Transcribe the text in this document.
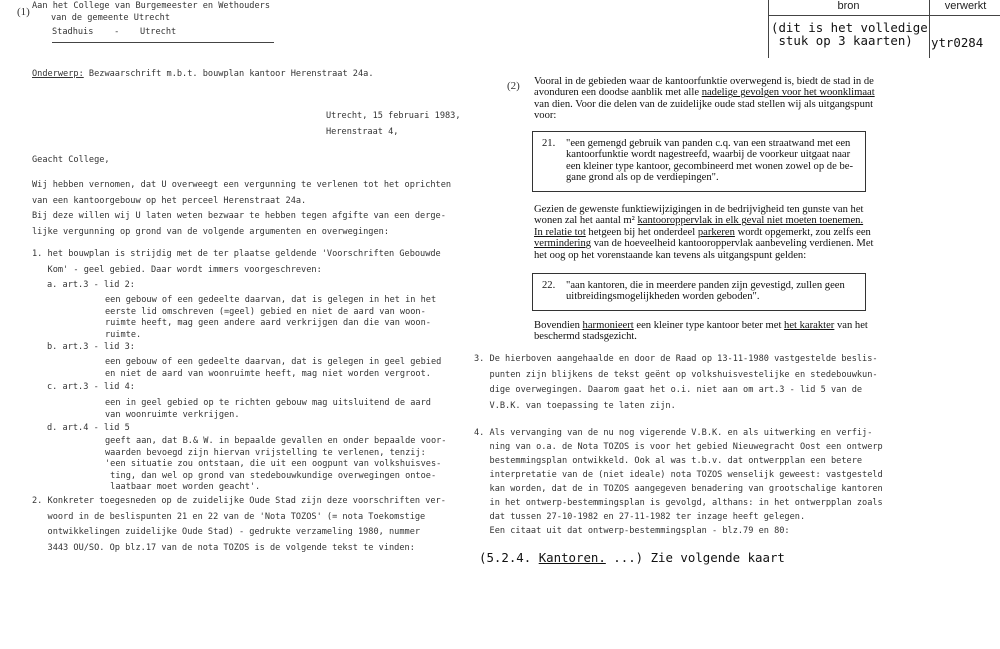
bron	verwerkt
(dit is het volledige
stuk op 3 kaarten)	ytr0284
(1) Aan het College van Burgemeester en Wethouders
van de gemeente Utrecht
Stadhuis    -    Utrecht
Onderwerp: Bezwaarschrift m.b.t. bouwplan kantoor Herenstraat 24a.
Utrecht, 15 februari 1983,
Herenstraat 4,
Geacht College,
Wij hebben vernomen, dat U overweegt een vergunning te verlenen tot het oprichten
van een kantoorgebouw op het perceel Herenstraat 24a.
Bij deze willen wij U laten weten bezwaar te hebben tegen afgifte van een derge-
lijke vergunning op grond van de volgende argumenten en overwegingen:
1. het bouwplan is strijdig met de ter plaatse geldende 'Voorschriften Gebouwde
Kom' - geel gebied. Daar wordt immers voorgeschreven:
a. art.3 - lid 2:
een gebouw of een gedeelte daarvan, dat is gelegen in het in het
eerste lid omschreven (=geel) gebied en niet de aard van woon-
ruimte heeft, mag geen andere aard verkrijgen dan die van woon-
ruimte.
b. art.3 - lid 3:
een gebouw of een gedeelte daarvan, dat is gelegen in geel gebied
en niet de aard van woonruimte heeft, mag niet worden vergroot.
c. art.3 - lid 4:
een in geel gebied op te richten gebouw mag uitsluitend de aard
van woonruimte verkrijgen.
d. art.4 - lid 5
geeft aan, dat B.& W. in bepaalde gevallen en onder bepaalde voor-
waarden bevoegd zijn hiervan vrijstelling te verlenen, tenzij:
'een situatie zou ontstaan, die uit een oogpunt van volkshuisves-
ting, dan wel op grond van stedebouwkundige overwegingen ontoe-
laatbaar moet worden geacht'.
2. Konkreter toegesneden op de zuidelijke Oude Stad zijn deze voorschriften ver-
woord in de beslispunten 21 en 22 van de 'Nota TOZOS' (= nota Toekomstige
ontwikkelingen zuidelijke Oude Stad) - gedrukte verzameling 1980, nummer
3443 OU/SO. Op blz.17 van de nota TOZOS is de volgende tekst te vinden:
(2) Vooral in de gebieden waar de kantoorfunktie overwegend is, biedt de stad in de
avonduren een doodse aanblik met alle nadelige gevolgen voor het woonklimaat
van dien. Voor die delen van de zuidelijke oude stad stellen wij als uitgangspunt
voor:
21. "een gemengd gebruik van panden c.q. van een straatwand met een
kantoorfunktie wordt nagestreefd, waarbij de voorkeur uitgaat naar
een kleiner type kantoor, gecombineerd met wonen zowel op de be-
gane grond als op de verdiepingen".
Gezien de gewenste funktiewijzigingen in de bedrijvigheid ten gunste van het
wonen zal het aantal m² kantooroppervlak in elk geval niet moeten toenemen.
In relatie tot hetgeen bij het onderdeel parkeren wordt opgemerkt, zou zelfs een
vermindering van de hoeveelheid kantooroppervlak aanbeveling verdienen. Met
het oog op het vorenstaande kan tevens als uitgangspunt gelden:
22. "aan kantoren, die in meerdere panden zijn gevestigd, zullen geen
uitbreidingsmogelijkheden worden geboden".
Bovendien harmonieert een kleiner type kantoor beter met het karakter van het
beschermd stadsgezicht.
3. De hierboven aangehaalde en door de Raad op 13-11-1980 vastgestelde beslis-
punten zijn blijkens de tekst geënt op volkshuisvestelijke en stedebouwkun-
dige overwegingen. Daarom gaat het o.i. niet aan om art.3 - lid 5 van de
V.B.K. van toepassing te laten zijn.
4. Als vervanging van de nu nog vigerende V.B.K. en als uitwerking en verfij-
ning van o.a. de Nota TOZOS is voor het gebied Nieuwegracht Oost een ontwerp
bestemmingsplan ontwikkeld. Ook al was t.b.v. dat ontwerpplan een betere
interpretatie van de (niet ideale) nota TOZOS wenselijk geweest: vastgesteld
kan worden, dat de in TOZOS aangegeven benadering van grootschalige kantoren
in het ontwerp-bestemmingsplan is gevolgd, althans: in het ontwerpplan zoals
dat tussen 27-10-1982 en 27-11-1982 ter inzage heeft gelegen.
Een citaat uit dat ontwerp-bestemmingsplan - blz.79 en 80:
(5.2.4. Kantoren. ...) Zie volgende kaart
